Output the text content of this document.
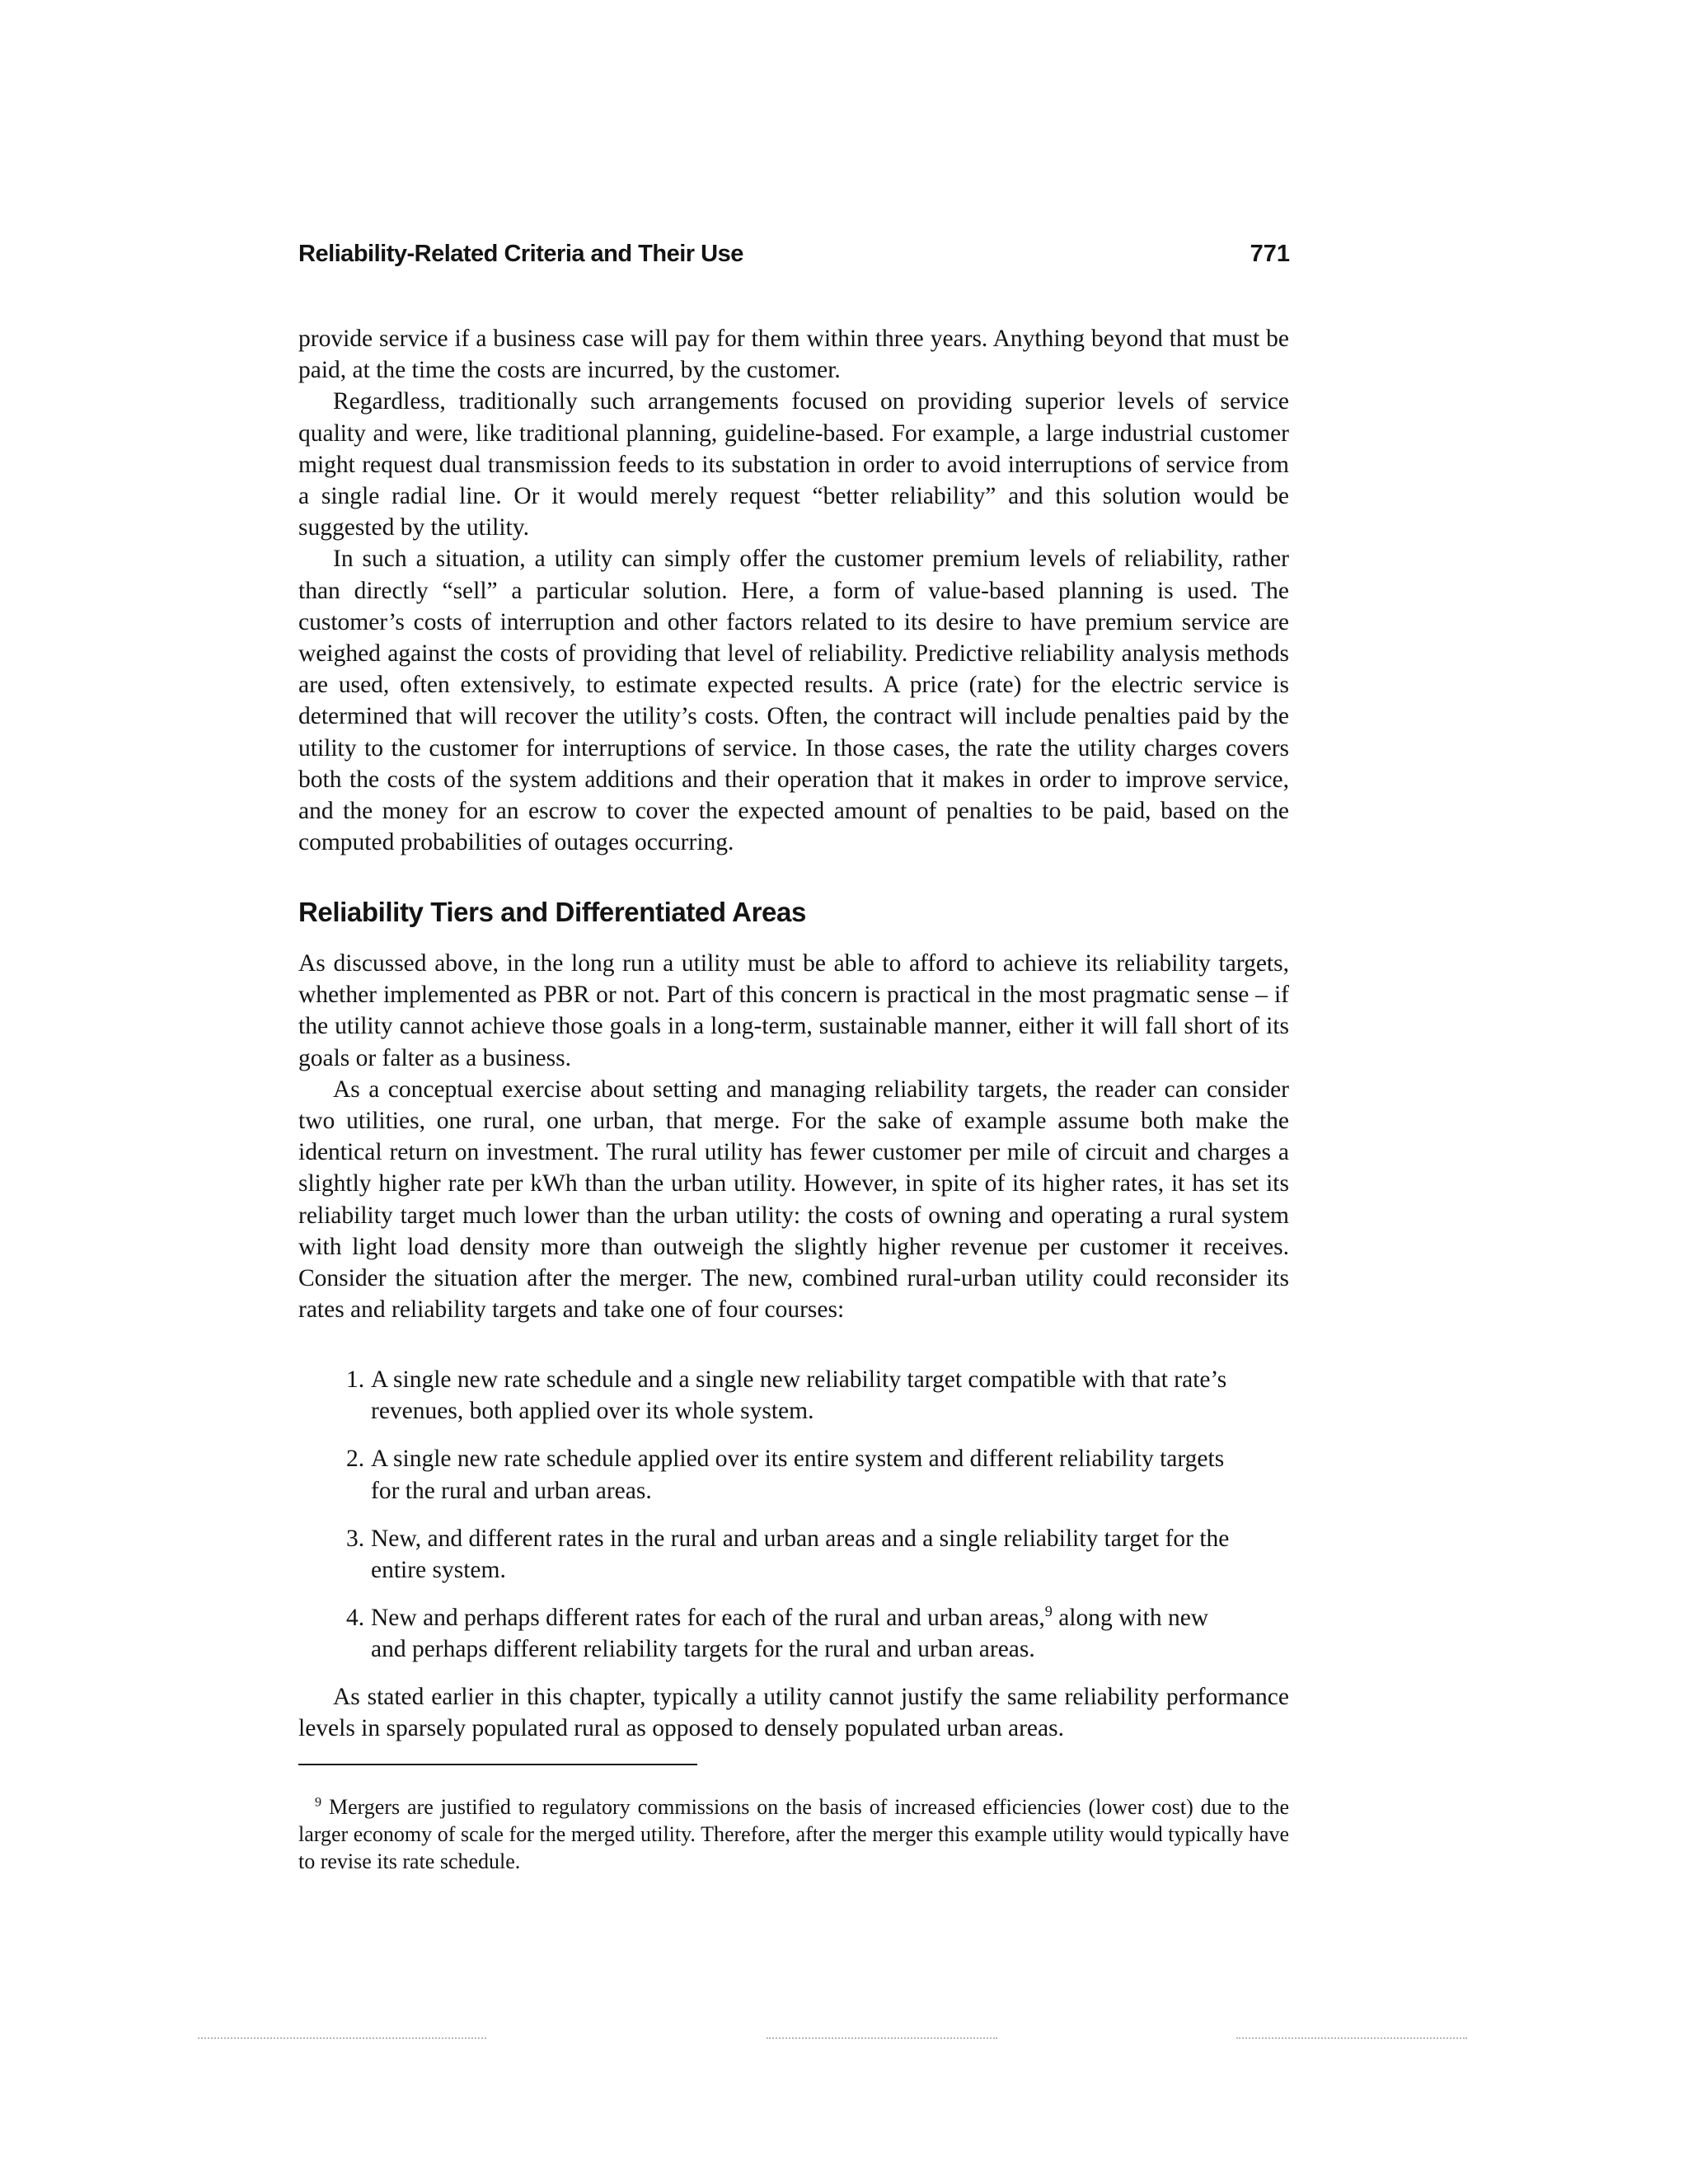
Reliability-Related Criteria and Their Use	771

provide service if a business case will pay for them within three years. Anything beyond that must be paid, at the time the costs are incurred, by the customer.

Regardless, traditionally such arrangements focused on providing superior levels of service quality and were, like traditional planning, guideline-based. For example, a large industrial customer might request dual transmission feeds to its substation in order to avoid interruptions of service from a single radial line. Or it would merely request “better reliability” and this solution would be suggested by the utility.

In such a situation, a utility can simply offer the customer premium levels of reliability, rather than directly “sell” a particular solution. Here, a form of value-based planning is used. The customer’s costs of interruption and other factors related to its desire to have premium service are weighed against the costs of providing that level of reliability. Predictive reliability analysis methods are used, often extensively, to estimate expected results. A price (rate) for the electric service is determined that will recover the utility’s costs. Often, the contract will include penalties paid by the utility to the customer for interruptions of service. In those cases, the rate the utility charges covers both the costs of the system additions and their operation that it makes in order to improve service, and the money for an escrow to cover the expected amount of penalties to be paid, based on the computed probabilities of outages occurring.

Reliability Tiers and Differentiated Areas

As discussed above, in the long run a utility must be able to afford to achieve its reliability targets, whether implemented as PBR or not. Part of this concern is practical in the most pragmatic sense – if the utility cannot achieve those goals in a long-term, sustainable manner, either it will fall short of its goals or falter as a business.

As a conceptual exercise about setting and managing reliability targets, the reader can consider two utilities, one rural, one urban, that merge. For the sake of example assume both make the identical return on investment. The rural utility has fewer customer per mile of circuit and charges a slightly higher rate per kWh than the urban utility. However, in spite of its higher rates, it has set its reliability target much lower than the urban utility: the costs of owning and operating a rural system with light load density more than outweigh the slightly higher revenue per customer it receives. Consider the situation after the merger. The new, combined rural-urban utility could reconsider its rates and reliability targets and take one of four courses:

1. A single new rate schedule and a single new reliability target compatible with that rate’s revenues, both applied over its whole system.
2. A single new rate schedule applied over its entire system and different reliability targets for the rural and urban areas.
3. New, and different rates in the rural and urban areas and a single reliability target for the entire system.
4. New and perhaps different rates for each of the rural and urban areas,$^9$ along with new and perhaps different reliability targets for the rural and urban areas.

As stated earlier in this chapter, typically a utility cannot justify the same reliability performance levels in sparsely populated rural as opposed to densely populated urban areas.

$^9$ Mergers are justified to regulatory commissions on the basis of increased efficiencies (lower cost) due to the larger economy of scale for the merged utility. Therefore, after the merger this example utility would typically have to revise its rate schedule.
